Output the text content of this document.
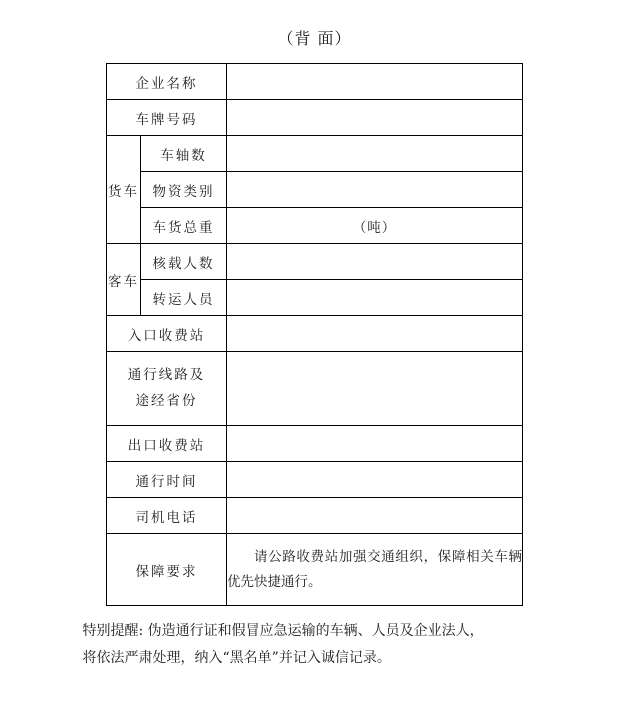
（背 面）
企业名称		
车牌号码		
货车	车轴数	
	物资类别	
	车货总重	（吨）

客车	核载人数	
	转运人员	
入口收费站		

通行线路及
途经省份		

出口收费站		
通行时间		
司机电话		
保障要求		请公路收费站加强交通组织，保障相关车辆优先快捷通行。
特别提醒: 伪造通行证和假冒应急运输的车辆、人员及企业法人，
将依法严肃处理，纳入“黑名单”并记入诚信记录。
